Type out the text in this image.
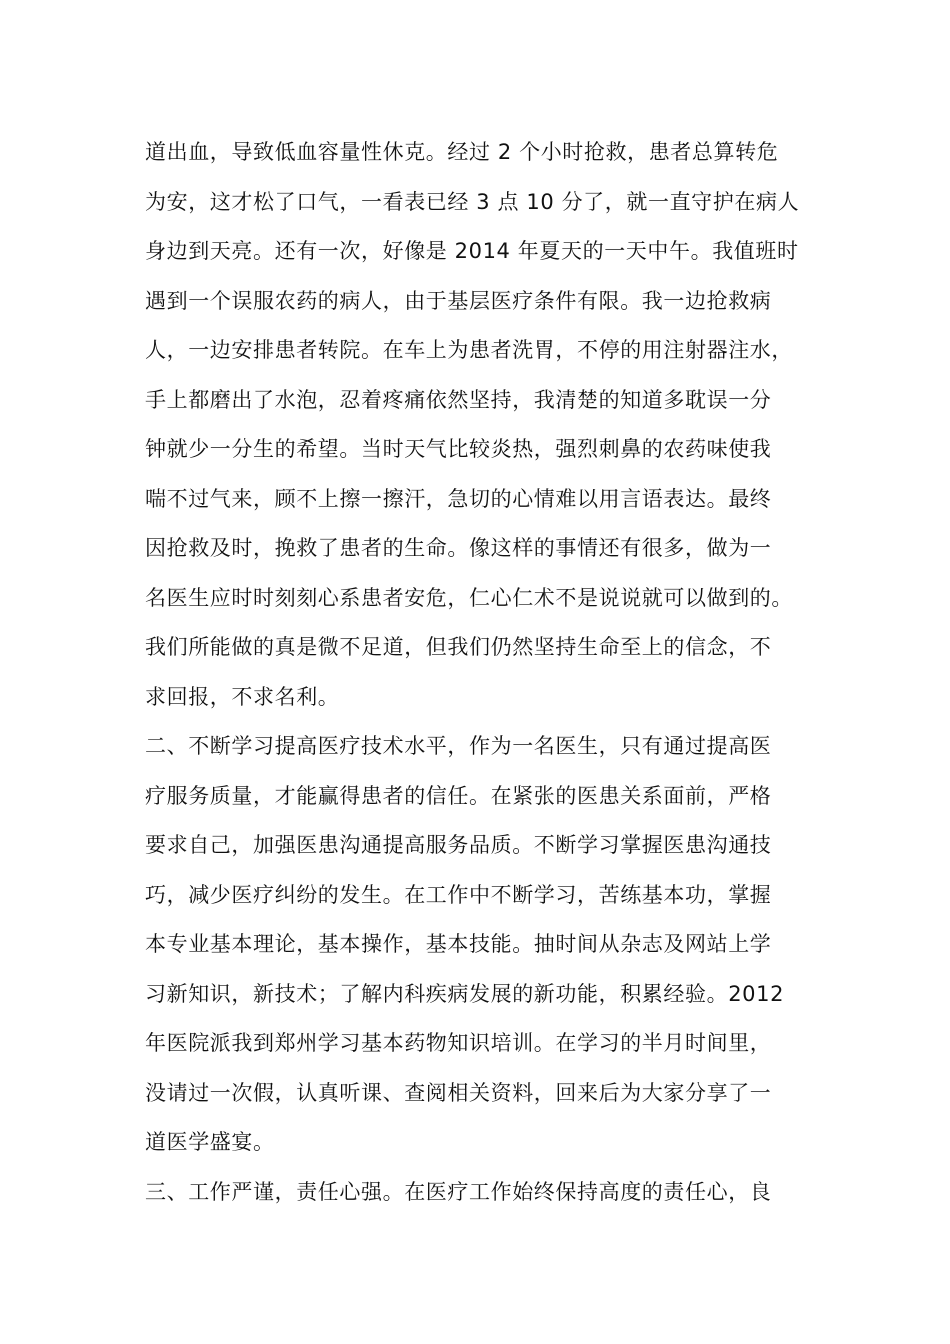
道出血，导致低血容量性休克。经过 2 个小时抢救，患者总算转危
为安，这才松了口气，一看表已经 3 点 10 分了，就一直守护在病人
身边到天亮。还有一次，好像是 2014 年夏天的一天中午。我值班时
遇到一个误服农药的病人，由于基层医疗条件有限。我一边抢救病
人，一边安排患者转院。在车上为患者洗胃，不停的用注射器注水，
手上都磨出了水泡，忍着疼痛依然坚持，我清楚的知道多耽误一分
钟就少一分生的希望。当时天气比较炎热，强烈刺鼻的农药味使我
喘不过气来，顾不上擦一擦汗，急切的心情难以用言语表达。最终
因抢救及时，挽救了患者的生命。像这样的事情还有很多，做为一
名医生应时时刻刻心系患者安危，仁心仁术不是说说就可以做到的。
我们所能做的真是微不足道，但我们仍然坚持生命至上的信念，不
求回报，不求名利。
二、不断学习提高医疗技术水平，作为一名医生，只有通过提高医
疗服务质量，才能赢得患者的信任。在紧张的医患关系面前，严格
要求自己，加强医患沟通提高服务品质。不断学习掌握医患沟通技
巧，减少医疗纠纷的发生。在工作中不断学习，苦练基本功，掌握
本专业基本理论，基本操作，基本技能。抽时间从杂志及网站上学
习新知识，新技术；了解内科疾病发展的新功能，积累经验。2012
年医院派我到郑州学习基本药物知识培训。在学习的半月时间里，
没请过一次假，认真听课、查阅相关资料，回来后为大家分享了一
道医学盛宴。
三、工作严谨，责任心强。在医疗工作始终保持高度的责任心，良
